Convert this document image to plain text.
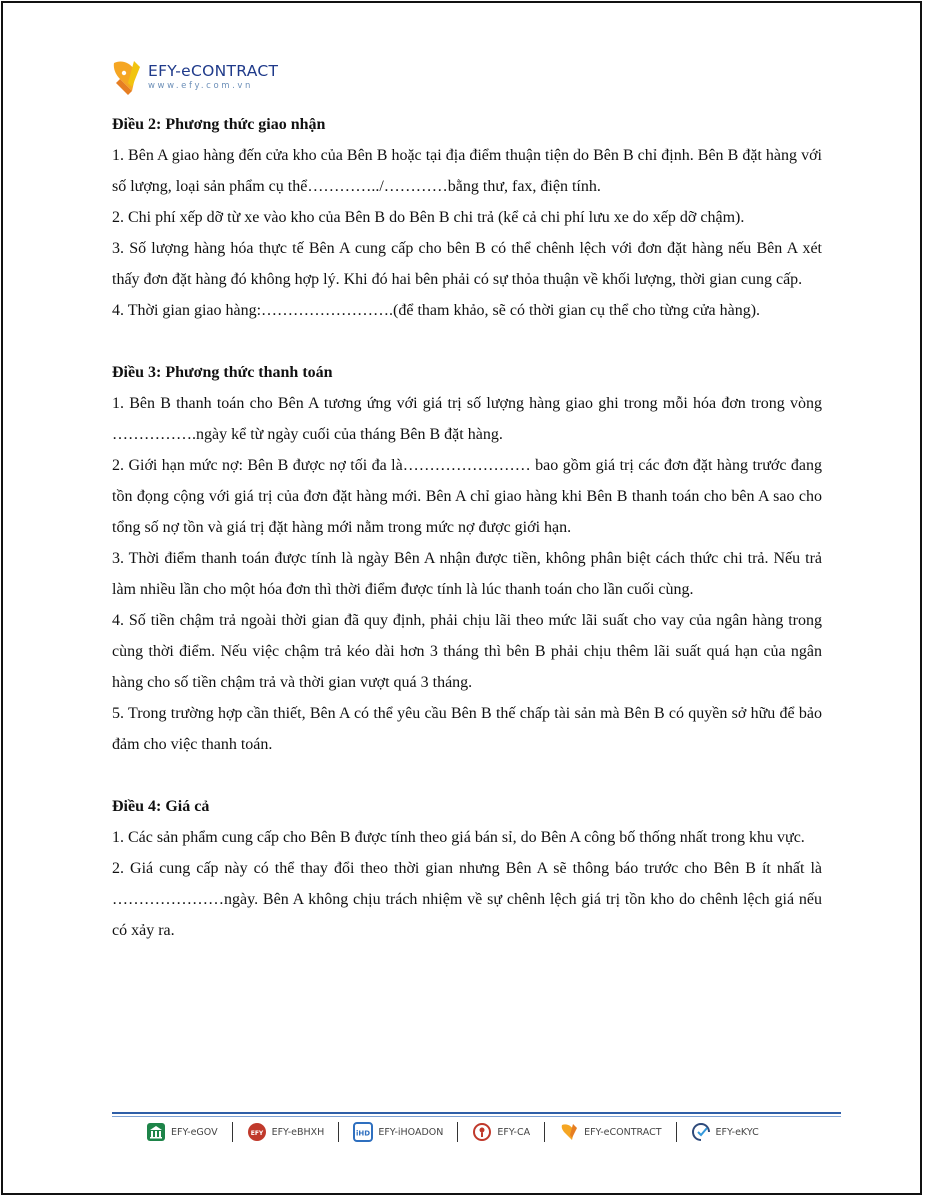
EFY-eCONTRACT
www.efy.com.vn
Điều 2: Phương thức giao nhận

1. Bên A giao hàng đến cửa kho của Bên B hoặc tại địa điểm thuận tiện do Bên B chỉ định. Bên B đặt hàng với số lượng, loại sản phẩm cụ thể…………../…………bằng thư, fax, điện tính.

2. Chi phí xếp dỡ từ xe vào kho của Bên B do Bên B chi trả (kể cả chi phí lưu xe do xếp dỡ chậm).

3. Số lượng hàng hóa thực tế Bên A cung cấp cho bên B có thể chênh lệch với đơn đặt hàng nếu Bên A xét thấy đơn đặt hàng đó không hợp lý. Khi đó hai bên phải có sự thỏa thuận về khối lượng, thời gian cung cấp.

4. Thời gian giao hàng:…………………….(để tham khảo, sẽ có thời gian cụ thể cho từng cửa hàng).

Điều 3: Phương thức thanh toán

1. Bên B thanh toán cho Bên A tương ứng với giá trị số lượng hàng giao ghi trong mỗi hóa đơn trong vòng …………….ngày kể từ ngày cuối của tháng Bên B đặt hàng.

2. Giới hạn mức nợ: Bên B được nợ tối đa là…………………… bao gồm giá trị các đơn đặt hàng trước đang tồn đọng cộng với giá trị của đơn đặt hàng mới. Bên A chỉ giao hàng khi Bên B thanh toán cho bên A sao cho tổng số nợ tồn và giá trị đặt hàng mới nằm trong mức nợ được giới hạn.

3. Thời điểm thanh toán được tính là ngày Bên A nhận được tiền, không phân biệt cách thức chi trả. Nếu trả làm nhiều lần cho một hóa đơn thì thời điểm được tính là lúc thanh toán cho lần cuối cùng.

4. Số tiền chậm trả ngoài thời gian đã quy định, phải chịu lãi theo mức lãi suất cho vay của ngân hàng trong cùng thời điểm. Nếu việc chậm trả kéo dài hơn 3 tháng thì bên B phải chịu thêm lãi suất quá hạn của ngân hàng cho số tiền chậm trả và thời gian vượt quá 3 tháng.

5. Trong trường hợp cần thiết, Bên A có thể yêu cầu Bên B thế chấp tài sản mà Bên B có quyền sở hữu để bảo đảm cho việc thanh toán.

Điều 4: Giá cả

1. Các sản phẩm cung cấp cho Bên B được tính theo giá bán sỉ, do Bên A công bố thống nhất trong khu vực.

2. Giá cung cấp này có thể thay đổi theo thời gian nhưng Bên A sẽ thông báo trước cho Bên B ít nhất là …………………ngày. Bên A không chịu trách nhiệm về sự chênh lệch giá trị tồn kho do chênh lệch giá nếu có xảy ra.

EFY-eGOV	EFY EFY-eBHXH	iHD EFY-iHOADON	EFY-CA	EFY-eCONTRACT	EFY-eKYC
